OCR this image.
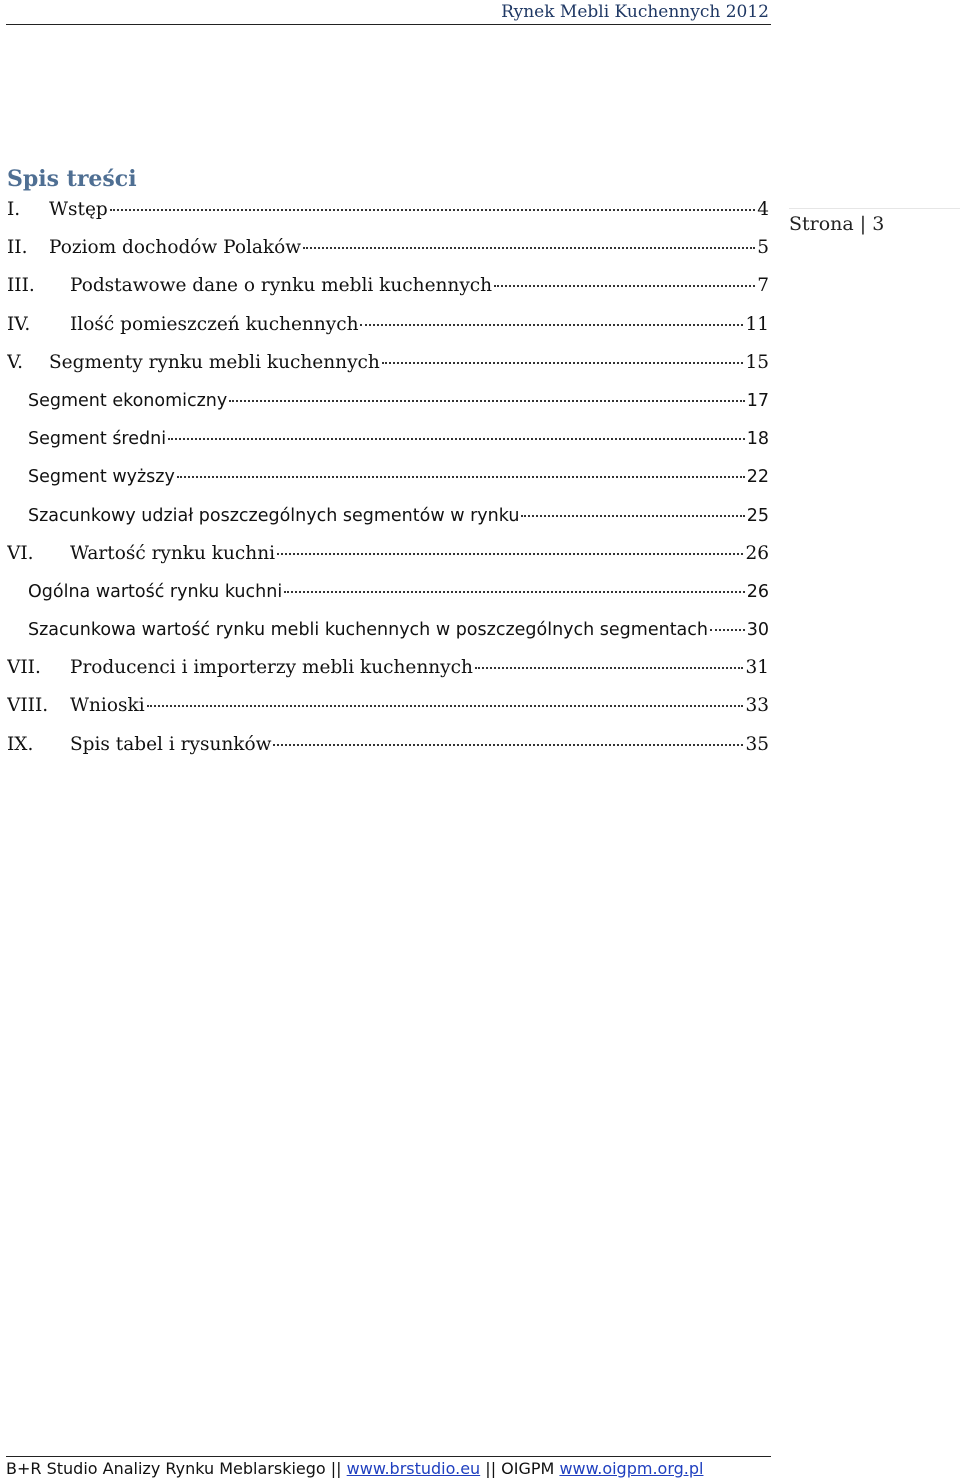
Rynek Mebli Kuchennych 2012
Strona | 3
Spis treści
I.	Wstęp	4
II.	Poziom dochodów Polaków	5
III.	Podstawowe dane o rynku mebli kuchennych	7
IV.	Ilość pomieszczeń kuchennych	11
V.	Segmenty rynku mebli kuchennych	15
Segment ekonomiczny	17
Segment średni	18
Segment wyższy	22
Szacunkowy udział poszczególnych segmentów w rynku	25
VI.	Wartość rynku kuchni	26
Ogólna wartość rynku kuchni	26
Szacunkowa wartość rynku mebli kuchennych w poszczególnych segmentach 30
VII.	Producenci i importerzy mebli kuchennych	31
VIII.	Wnioski	33
IX.	Spis tabel i rysunków	35
B+R Studio Analizy Rynku Meblarskiego || www.brstudio.eu || OIGPM www.oigpm.org.pl
